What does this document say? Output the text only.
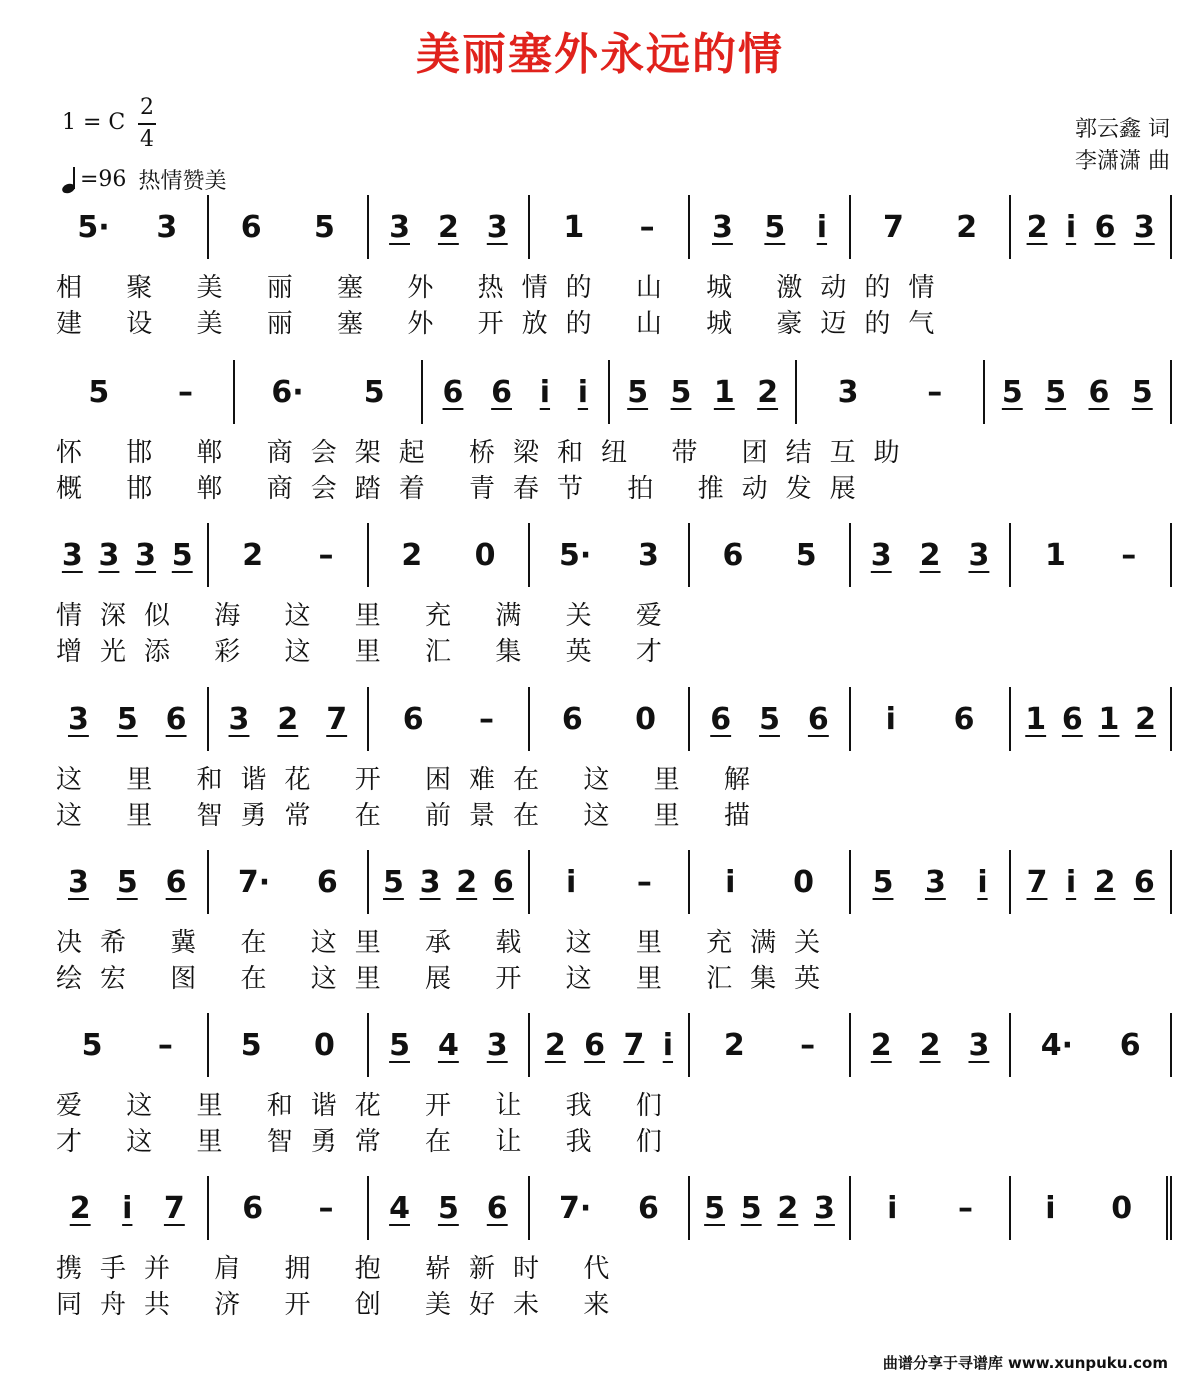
美丽塞外永远的情
1 = C
2
4
=96 热情赞美
郭云鑫 词
李潇潇 曲
5· 3 6 5 3 2 3 1 – 3 5 i 7 2 2 i 6 3
相 聚 美 丽 塞 外 热情的 山 城 激动的情
建 设 美 丽 塞 外 开放的 山 城 豪迈的气
5 –	6· 5 6 6 i i 5 5 1 2 3 – 5 5 6 5
怀 邯 郸 商会架起 桥梁和纽 带 团结互助
概 邯 郸 商会踏着 青春节 拍 推动发展
3 3 3 5 2 – 2 0 5· 3 6 5 3 2 3 1 –
情深似 海 这 里 充 满 关 爱
增光添 彩 这 里 汇 集 英 才
3 5 6 3 2 7 6 – 6 0 6 5 6 i 6 1 6 1 2
这 里 和谐花 开 困难在 这 里 解
这 里 智勇常 在 前景在 这 里 描
3 5 6 7· 6 5 3 2 6 i – i 0 5 3 i 7 i 2 6
决希 冀 在 这里 承 载 这 里 充满关
绘宏 图 在 这里 展 开 这 里 汇集英
5 – 5 0 5 4 3 2 6 7 i 2 – 2 2 3 4· 6
爱 这 里 和谐花 开 让 我 们
才 这 里 智勇常 在 让 我 们
2 i 7 6 – 4 5 6 7· 6 5 5 2 3 i – i 0
携手并 肩 拥 抱 崭新时 代
同舟共 济 开 创 美好未 来
曲谱分享于寻谱库 www.xunpuku.com
